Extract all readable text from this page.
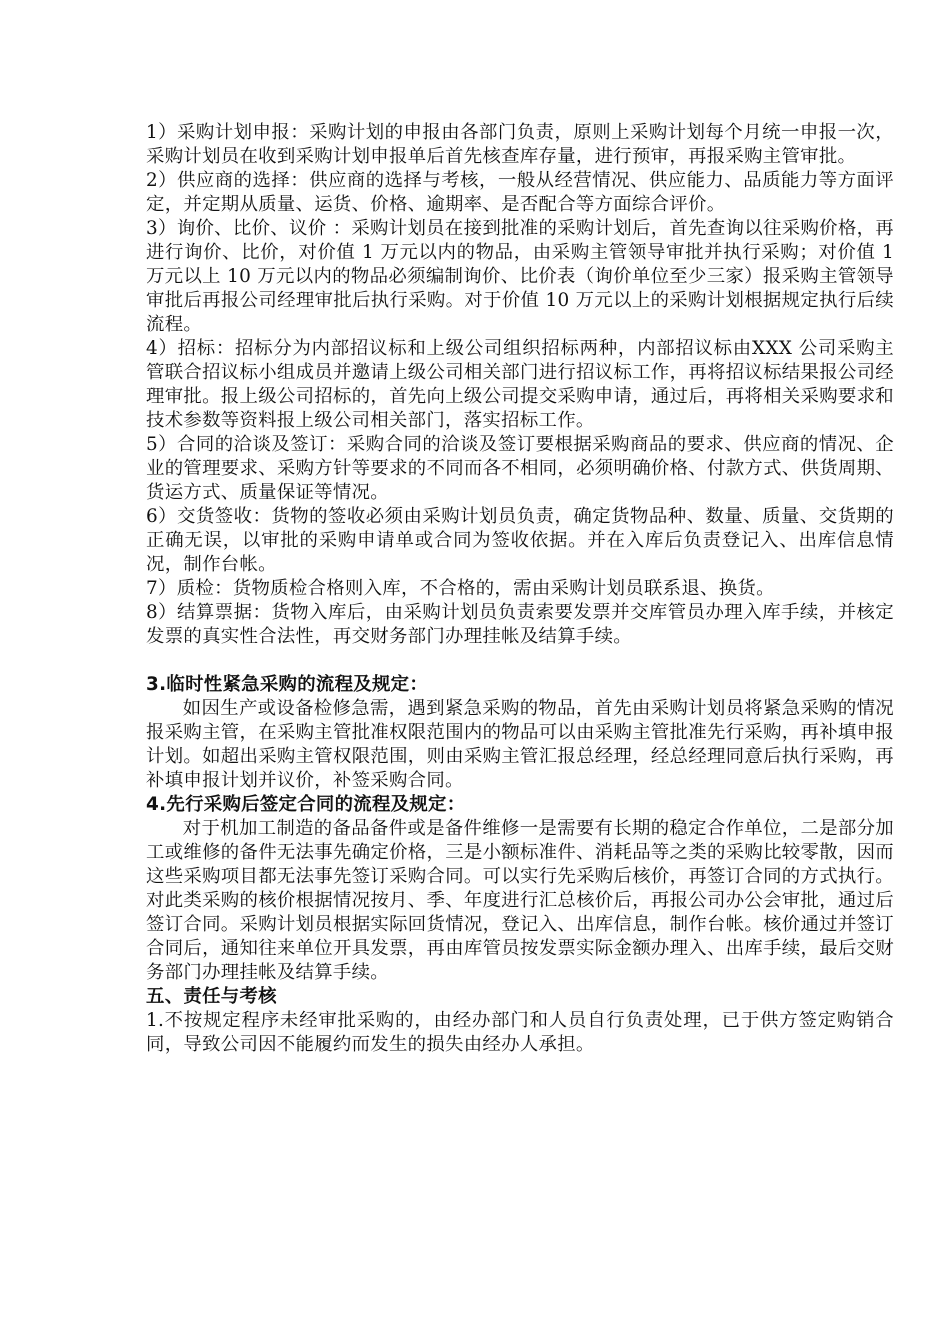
1）采购计划申报：采购计划的申报由各部门负责，原则上采购计划每个月统一申报一次，采购计划员在收到采购计划申报单后首先核查库存量，进行预审，再报采购主管审批。

2）供应商的选择：供应商的选择与考核，一般从经营情况、供应能力、品质能力等方面评定，并定期从质量、运货、价格、逾期率、是否配合等方面综合评价。

3）询价、比价、议价 ：采购计划员在接到批准的采购计划后，首先查询以往采购价格，再进行询价、比价，对价值 1 万元以内的物品，由采购主管领导审批并执行采购；对价值 1 万元以上 10 万元以内的物品必须编制询价、比价表（询价单位至少三家）报采购主管领导审批后再报公司经理审批后执行采购。对于价值 10 万元以上的采购计划根据规定执行后续流程。

4）招标：招标分为内部招议标和上级公司组织招标两种，内部招议标由XXX 公司采购主管联合招议标小组成员并邀请上级公司相关部门进行招议标工作，再将招议标结果报公司经理审批。报上级公司招标的，首先向上级公司提交采购申请，通过后，再将相关采购要求和技术参数等资料报上级公司相关部门，落实招标工作。

5）合同的洽谈及签订：采购合同的洽谈及签订要根据采购商品的要求、供应商的情况、企业的管理要求、采购方针等要求的不同而各不相同，必须明确价格、付款方式、供货周期、货运方式、质量保证等情况。

6）交货签收：货物的签收必须由采购计划员负责，确定货物品种、数量、质量、交货期的正确无误，以审批的采购申请单或合同为签收依据。并在入库后负责登记入、出库信息情况，制作台帐。

7）质检：货物质检合格则入库，不合格的，需由采购计划员联系退、换货。

8）结算票据：货物入库后，由采购计划员负责索要发票并交库管员办理入库手续，并核定发票的真实性合法性，再交财务部门办理挂帐及结算手续。

3.临时性紧急采购的流程及规定：

如因生产或设备检修急需，遇到紧急采购的物品，首先由采购计划员将紧急采购的情况报采购主管，在采购主管批准权限范围内的物品可以由采购主管批准先行采购，再补填申报计划。如超出采购主管权限范围，则由采购主管汇报总经理，经总经理同意后执行采购，再补填申报计划并议价，补签采购合同。

4.先行采购后签定合同的流程及规定：

对于机加工制造的备品备件或是备件维修一是需要有长期的稳定合作单位，二是部分加工或维修的备件无法事先确定价格，三是小额标准件、消耗品等之类的采购比较零散，因而这些采购项目都无法事先签订采购合同。可以实行先采购后核价，再签订合同的方式执行。对此类采购的核价根据情况按月、季、年度进行汇总核价后，再报公司办公会审批，通过后签订合同。采购计划员根据实际回货情况，登记入、出库信息，制作台帐。核价通过并签订合同后，通知往来单位开具发票，再由库管员按发票实际金额办理入、出库手续，最后交财务部门办理挂帐及结算手续。

五、责任与考核

1.不按规定程序未经审批采购的，由经办部门和人员自行负责处理，已于供方签定购销合同，导致公司因不能履约而发生的损失由经办人承担。
